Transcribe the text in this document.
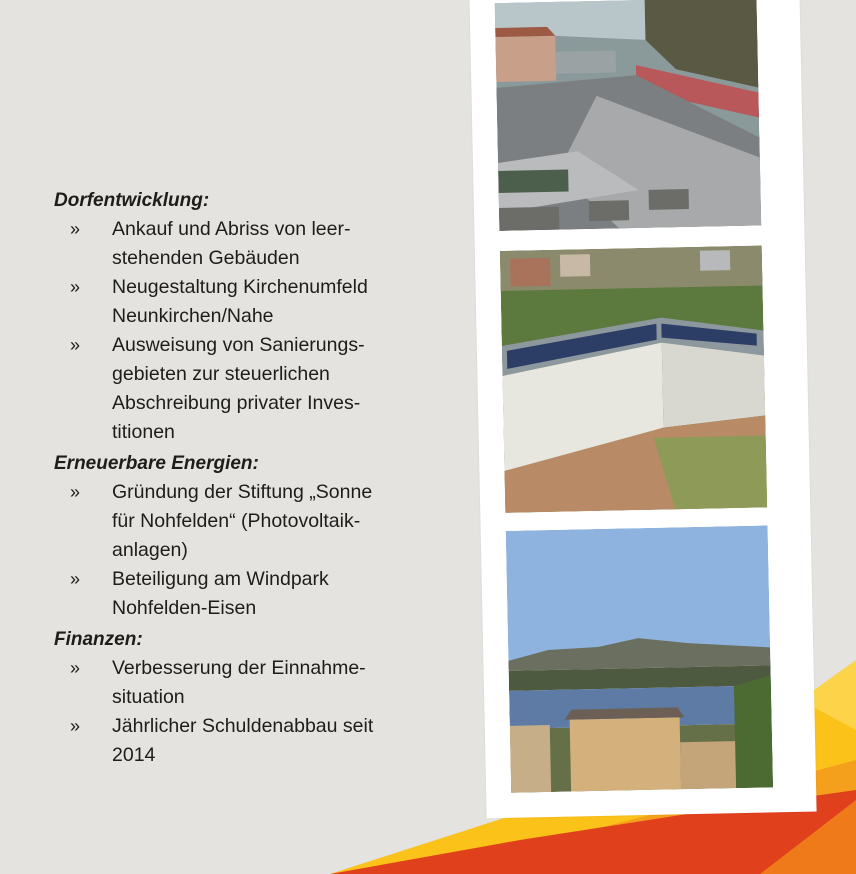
Dorfentwicklung:
» Ankauf und Abriss von leer-
stehenden Gebäuden
» Neugestaltung Kirchenumfeld
Neunkirchen/Nahe
» Ausweisung von Sanierungs-
gebieten zur steuerlichen
Abschreibung privater Inves-
titionen
Erneuerbare Energien:
» Gründung der Stiftung „Sonne
für Nohfelden“ (Photovoltaik-
anlagen)
» Beteiligung am Windpark
Nohfelden-Eisen
Finanzen:
» Verbesserung der Einnahme-
situation
» Jährlicher Schuldenabbau seit
2014
